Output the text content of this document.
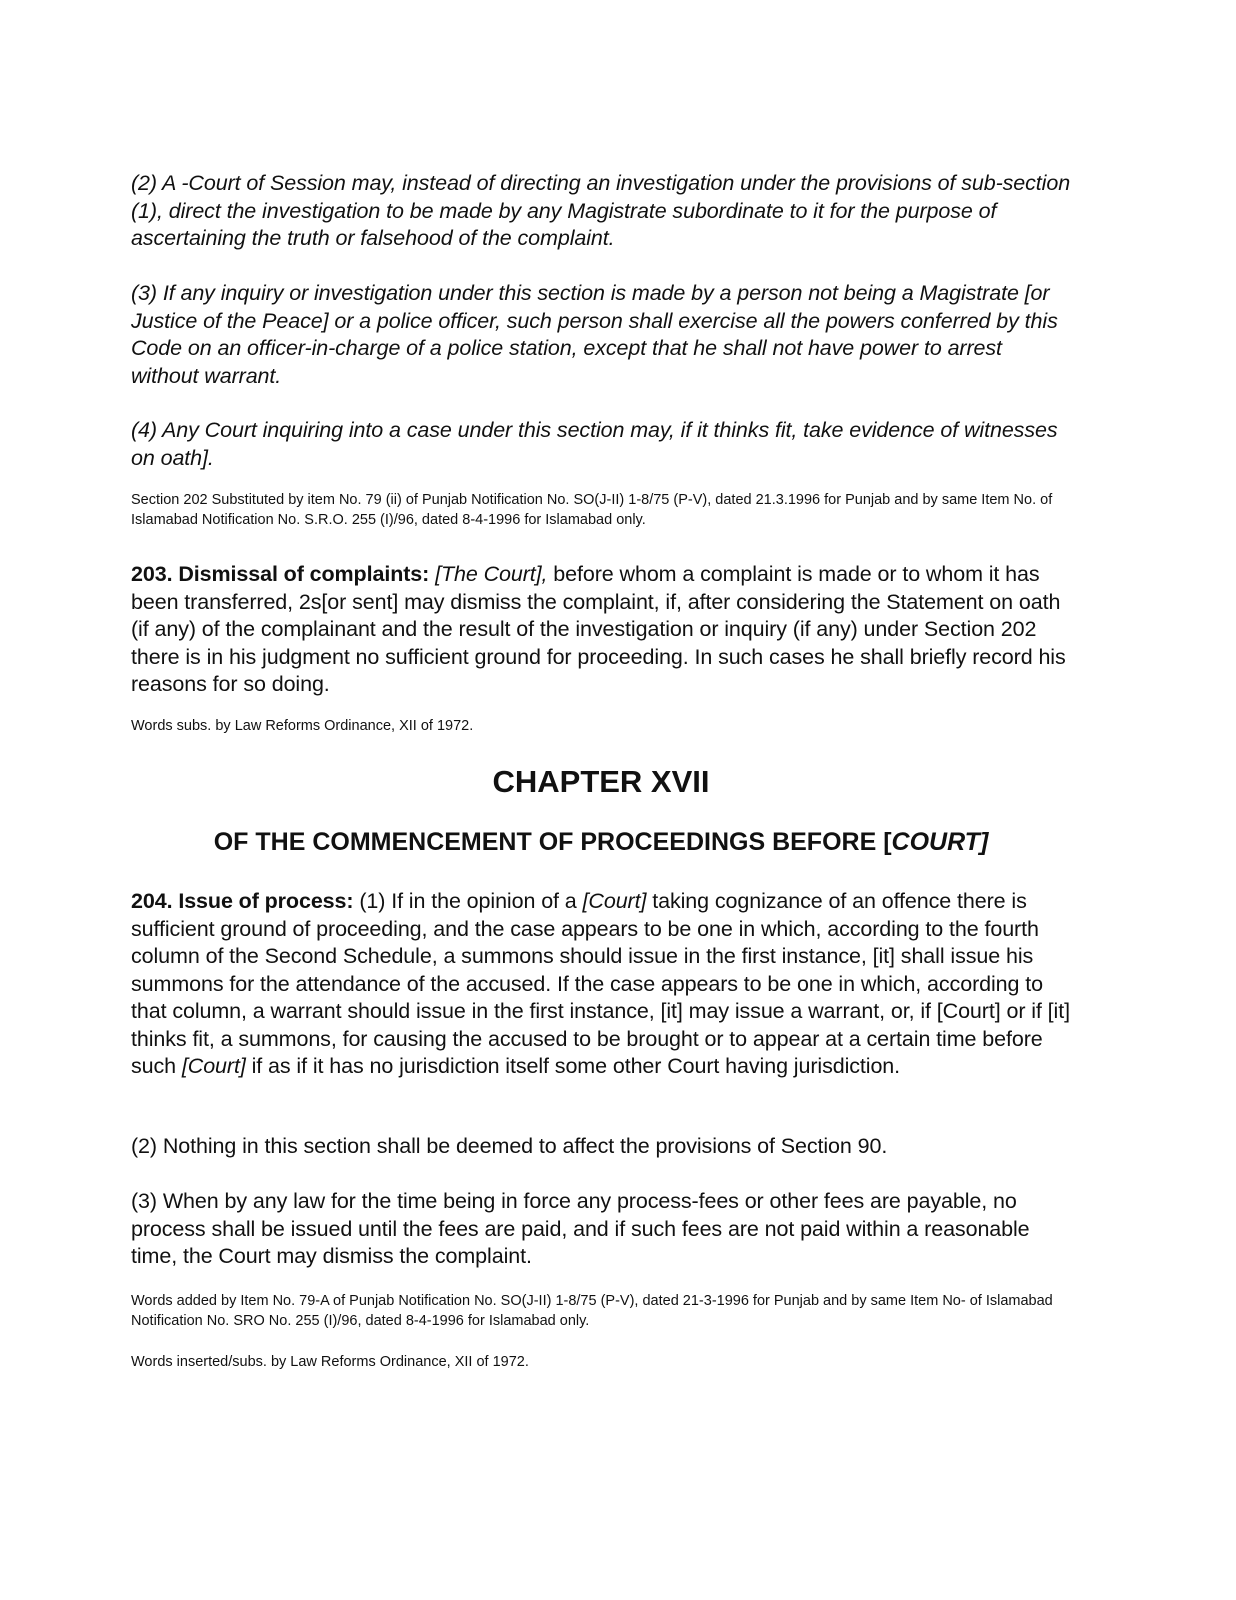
(2) A -Court of Session may, instead of directing an investigation under the provisions of sub-section (1), direct the investigation to be made by any Magistrate subordinate to it for the purpose of ascertaining the truth or falsehood of the complaint.

(3) If any inquiry or investigation under this section is made by a person not being a Magistrate [or Justice of the Peace] or a police officer, such person shall exercise all the powers conferred by this Code on an officer-in-charge of a police station, except that he shall not have power to arrest without warrant.

(4) Any Court inquiring into a case under this section may, if it thinks fit, take evidence of witnesses on oath].

Section 202 Substituted by item No. 79 (ii) of Punjab Notification No. SO(J-II) 1-8/75 (P-V), dated 21.3.1996 for Punjab and by same Item No. of Islamabad Notification No. S.R.O. 255 (I)/96, dated 8-4-1996 for Islamabad only.

203. Dismissal of complaints: [The Court], before whom a complaint is made or to whom it has been transferred, 2s[or sent] may dismiss the complaint, if, after considering the Statement on oath (if any) of the complainant and the result of the investigation or inquiry (if any) under Section 202 there is in his judgment no sufficient ground for proceeding. In such cases he shall briefly record his reasons for so doing.

Words subs. by Law Reforms Ordinance, XII of 1972.

CHAPTER XVII

OF THE COMMENCEMENT OF PROCEEDINGS BEFORE [COURT]

204. Issue of process: (1) If in the opinion of a [Court] taking cognizance of an offence there is sufficient ground of proceeding, and the case appears to be one in which, according to the fourth column of the Second Schedule, a summons should issue in the first instance, [it] shall issue his summons for the attendance of the accused. If the case appears to be one in which, according to that column, a warrant should issue in the first instance, [it] may issue a warrant, or, if [Court] or if [it] thinks fit, a summons, for causing the accused to be brought or to appear at a certain time before such [Court] if as if it has no jurisdiction itself some other Court having jurisdiction.

(2) Nothing in this section shall be deemed to affect the provisions of Section 90.

(3) When by any law for the time being in force any process-fees or other fees are payable, no process shall be issued until the fees are paid, and if such fees are not paid within a reasonable time, the Court may dismiss the complaint.

Words added by Item No. 79-A of Punjab Notification No. SO(J-II) 1-8/75 (P-V), dated 21-3-1996 for Punjab and by same Item No- of Islamabad Notification No. SRO No. 255 (I)/96, dated 8-4-1996 for Islamabad only.

Words inserted/subs. by Law Reforms Ordinance, XII of 1972.
